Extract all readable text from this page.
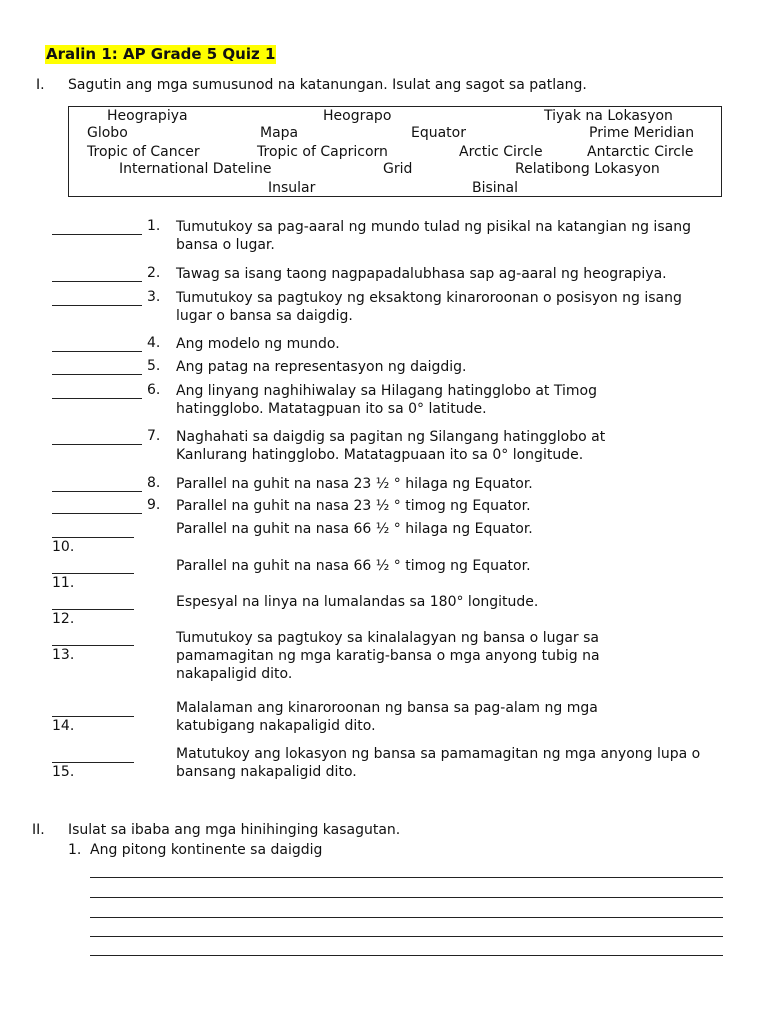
Aralin 1: AP Grade 5 Quiz 1
I. Sagutin ang mga sumusunod na katanungan. Isulat ang sagot sa patlang.
Heograpiya	Heograpo	Tiyak na Lokasyon
Globo	Mapa	Equator	Prime Meridian
Tropic of Cancer	Tropic of Capricorn	Arctic Circle	Antarctic Circle
International Dateline	Grid	Relatibong Lokasyon
Insular	Bisinal
1. Tumutukoy sa pag-aaral ng mundo tulad ng pisikal na katangian ng isang bansa o lugar.
2. Tawag sa isang taong nagpapadalubhasa sap ag-aaral ng heograpiya.
3. Tumutukoy sa pagtukoy ng eksaktong kinaroroonan o posisyon ng isang lugar o bansa sa daigdig.
4. Ang modelo ng mundo.
5. Ang patag na representasyon ng daigdig.
6. Ang linyang naghihiwalay sa Hilagang hatingglobo at Timog hatingglobo. Matatagpuan ito sa 0° latitude.
7. Naghahati sa daigdig sa pagitan ng Silangang hatingglobo at Kanlurang hatingglobo. Matatagpuaan ito sa 0° longitude.
8. Parallel na guhit na nasa 23 ½ ° hilaga ng Equator.
9. Parallel na guhit na nasa 23 ½ ° timog ng Equator.
10.
Parallel na guhit na nasa 66 ½ ° hilaga ng Equator.
11.
Parallel na guhit na nasa 66 ½ ° timog ng Equator.
12.
Espesyal na linya na lumalandas sa 180° longitude.
13.
Tumutukoy sa pagtukoy sa kinalalagyan ng bansa o lugar sa pamamagitan ng mga karatig-bansa o mga anyong tubig na nakapaligid dito.
14.
Malalaman ang kinaroroonan ng bansa sa pag-alam ng mga katubigang nakapaligid dito.
15.
Matutukoy ang lokasyon ng bansa sa pamamagitan ng mga anyong lupa o bansang nakapaligid dito.
II. Isulat sa ibaba ang mga hinihinging kasagutan.
1. Ang pitong kontinente sa daigdig
